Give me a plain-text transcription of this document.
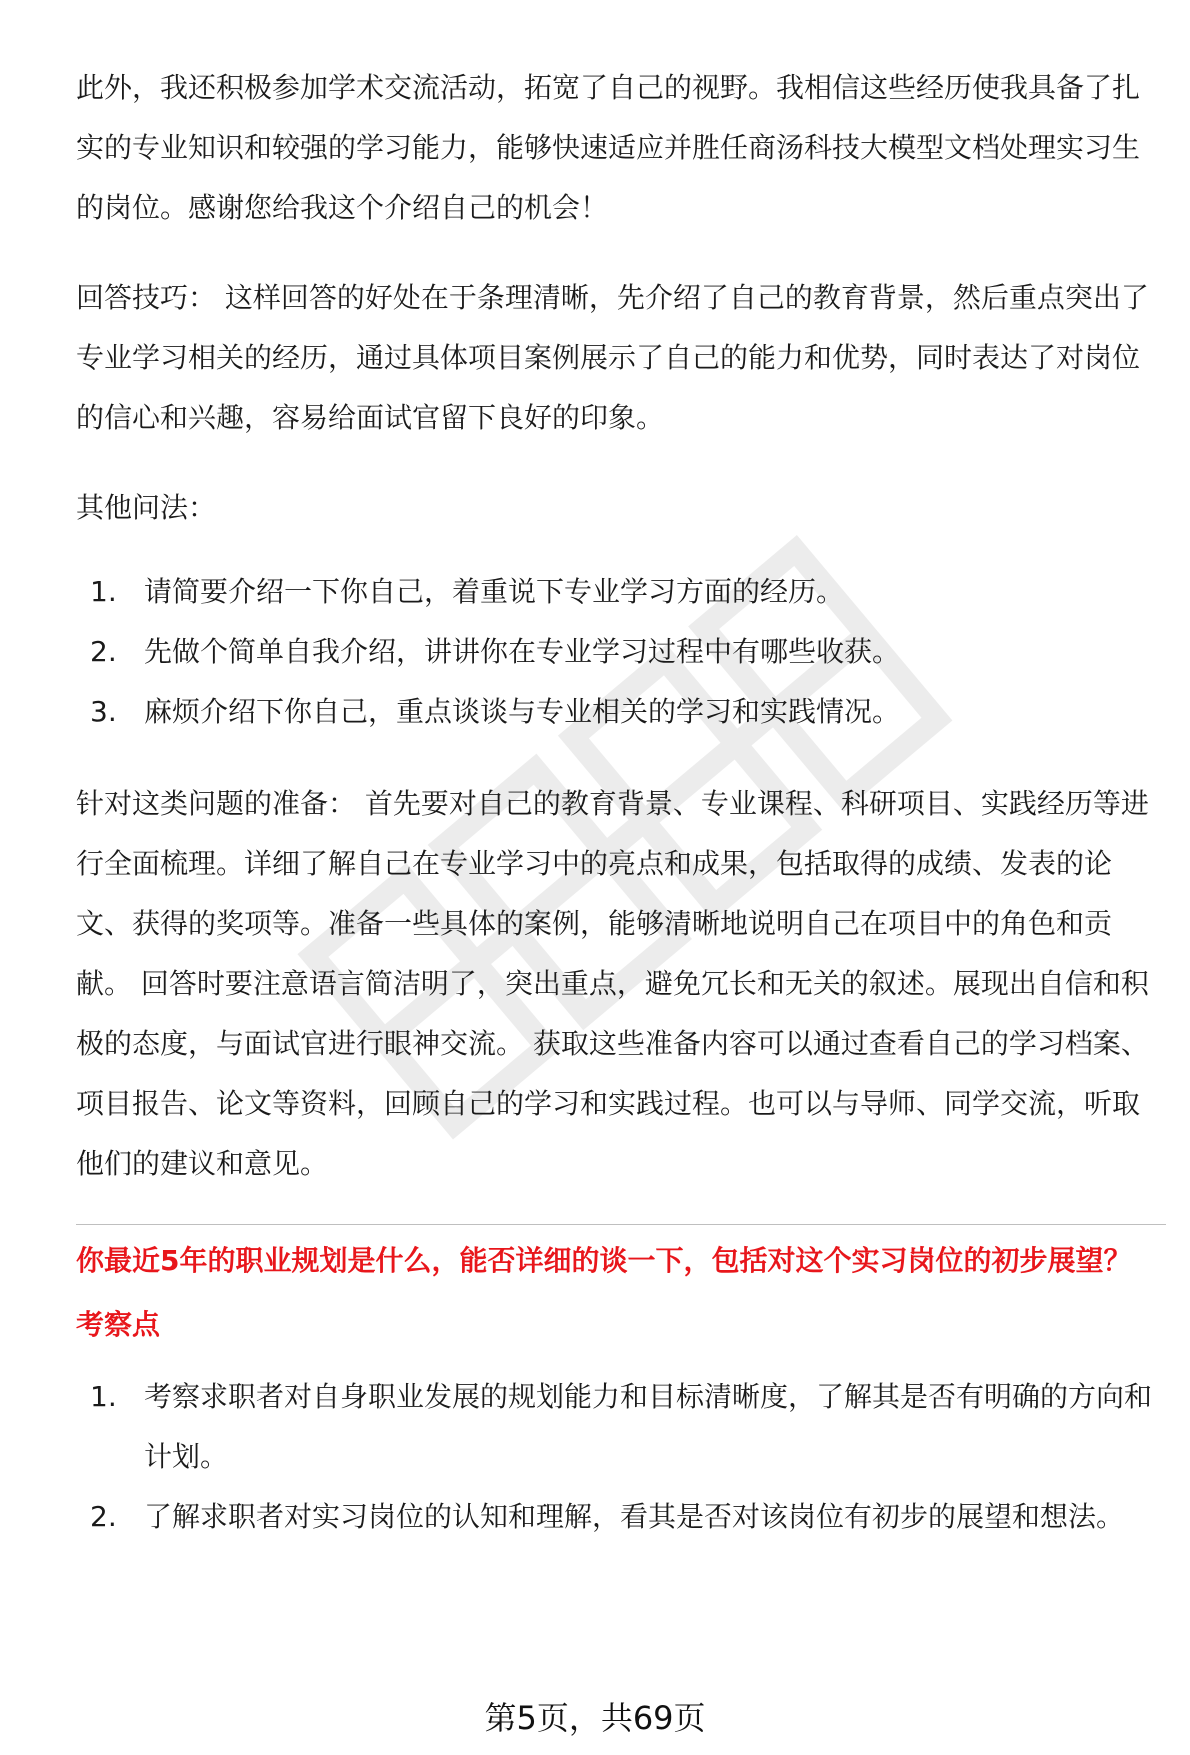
此外，我还积极参加学术交流活动，拓宽了自己的视野。我相信这些经历使我具备了扎实的专业知识和较强的学习能力，能够快速适应并胜任商汤科技大模型文档处理实习生的岗位。感谢您给我这个介绍自己的机会！

回答技巧： 这样回答的好处在于条理清晰，先介绍了自己的教育背景，然后重点突出了专业学习相关的经历，通过具体项目案例展示了自己的能力和优势，同时表达了对岗位的信心和兴趣，容易给面试官留下良好的印象。

其他问法：

1. 请简要介绍一下你自己，着重说下专业学习方面的经历。
2. 先做个简单自我介绍，讲讲你在专业学习过程中有哪些收获。
3. 麻烦介绍下你自己，重点谈谈与专业相关的学习和实践情况。

针对这类问题的准备： 首先要对自己的教育背景、专业课程、科研项目、实践经历等进行全面梳理。详细了解自己在专业学习中的亮点和成果，包括取得的成绩、发表的论文、获得的奖项等。准备一些具体的案例，能够清晰地说明自己在项目中的角色和贡献。 回答时要注意语言简洁明了，突出重点，避免冗长和无关的叙述。展现出自信和积极的态度，与面试官进行眼神交流。 获取这些准备内容可以通过查看自己的学习档案、项目报告、论文等资料，回顾自己的学习和实践过程。也可以与导师、同学交流，听取他们的建议和意见。

你最近5年的职业规划是什么，能否详细的谈一下，包括对这个实习岗位的初步展望？
考察点
1. 考察求职者对自身职业发展的规划能力和目标清晰度，了解其是否有明确的方向和计划。
2. 了解求职者对实习岗位的认知和理解，看其是否对该岗位有初步的展望和想法。
第5页，共69页
